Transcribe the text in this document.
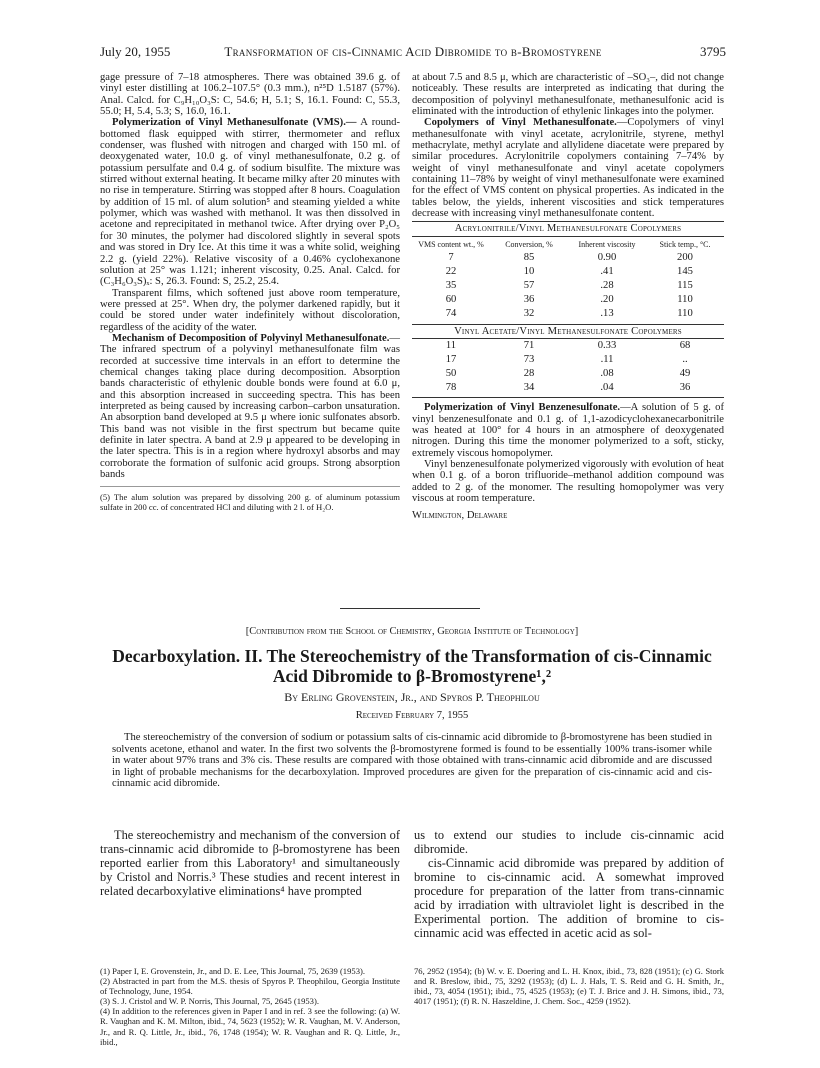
July 20, 1955	Transformation of cis-Cinnamic Acid Dibromide to β-Bromostyrene	3795

gage pressure of 7–18 atmospheres. There was obtained 39.6 g. of vinyl ester distilling at 106.2–107.5° (0.3 mm.), n²⁵D 1.5187 (57%). Anal. Calcd. for C₉H₁₀O₃S: C, 54.6; H, 5.1; S, 16.1. Found: C, 55.3, 55.0; H, 5.4, 5.3; S, 16.0, 16.1.

Polymerization of Vinyl Methanesulfonate (VMS).— A round-bottomed flask equipped with stirrer, thermometer and reflux condenser, was flushed with nitrogen and charged with 150 ml. of deoxygenated water, 10.0 g. of vinyl methanesulfonate, 0.2 g. of potassium persulfate and 0.4 g. of sodium bisulfite. The mixture was stirred without external heating. It became milky after 20 minutes with no rise in temperature. Stirring was stopped after 8 hours. Coagulation by addition of 15 ml. of alum solution⁵ and steaming yielded a white polymer, which was washed with methanol. It was then dissolved in acetone and reprecipitated in methanol twice. After drying over P₂O₅ for 30 minutes, the polymer had discolored slightly in several spots and was stored in Dry Ice. At this time it was a white solid, weighing 2.2 g. (yield 22%). Relative viscosity of a 0.46% cyclohexanone solution at 25° was 1.121; inherent viscosity, 0.25. Anal. Calcd. for (C₃H₆O₃S)ₓ: S, 26.3. Found: S, 25.2, 25.4.

Transparent films, which softened just above room temperature, were pressed at 25°. When dry, the polymer darkened rapidly, but it could be stored under water indefinitely without discoloration, regardless of the acidity of the water.

Mechanism of Decomposition of Polyvinyl Methanesulfonate.—The infrared spectrum of a polyvinyl methanesulfonate film was recorded at successive time intervals in an effort to determine the chemical changes taking place during decomposition. Absorption bands characteristic of ethylenic double bonds were found at 6.0 μ, and this absorption increased in succeeding spectra. This has been interpreted as being caused by increasing carbon–carbon unsaturation. An absorption band developed at 9.5 μ where ionic sulfonates absorb. This band was not visible in the first spectrum but became quite definite in later spectra. A band at 2.9 μ appeared to be developing in the later spectra. This is in a region where hydroxyl absorbs and may corroborate the formation of sulfonic acid groups. Strong absorption bands

(5) The alum solution was prepared by dissolving 200 g. of aluminum potassium sulfate in 200 cc. of concentrated HCl and diluting with 2 l. of H₂O.

at about 7.5 and 8.5 μ, which are characteristic of –SO₃–, did not change noticeably. These results are interpreted as indicating that during the decomposition of polyvinyl methanesulfonate, methanesulfonic acid is eliminated with the introduction of ethylenic linkages into the polymer.

Copolymers of Vinyl Methanesulfonate.—Copolymers of vinyl methanesulfonate with vinyl acetate, acrylonitrile, styrene, methyl methacrylate, methyl acrylate and allylidene diacetate were prepared by similar procedures. Acrylonitrile copolymers containing 7–74% by weight of vinyl methanesulfonate and vinyl acetate copolymers containing 11–78% by weight of vinyl methanesulfonate were examined for the effect of VMS content on physical properties. As indicated in the tables below, the yields, inherent viscosities and stick temperatures decrease with increasing vinyl methanesulfonate content.

Acrylonitrile/Vinyl Methanesulfonate Copolymers
VMS content wt., %	Conversion, %	Inherent viscosity	Stick temp., °C.
7	85	0.90	200
22	10	.41	145
35	57	.28	115
60	36	.20	110
74	32	.13	110
Vinyl Acetate/Vinyl Methanesulfonate Copolymers
11	71	0.33	68
17	73	.11	..
50	28	.08	49
78	34	.04	36

Polymerization of Vinyl Benzenesulfonate.—A solution of 5 g. of vinyl benzenesulfonate and 0.1 g. of 1,1-azodicyclohexanecarbonitrile was heated at 100° for 4 hours in an atmosphere of deoxygenated nitrogen. During this time the monomer polymerized to a soft, sticky, extremely viscous homopolymer.

Vinyl benzenesulfonate polymerized vigorously with evolution of heat when 0.1 g. of a boron trifluoride–methanol addition compound was added to 2 g. of the monomer. The resulting homopolymer was very viscous at room temperature.

Wilmington, Delaware
[Contribution from the School of Chemistry, Georgia Institute of Technology]
Decarboxylation. II. The Stereochemistry of the Transformation of cis-Cinnamic Acid Dibromide to β-Bromostyrene¹,²
By Erling Grovenstein, Jr., and Spyros P. Theophilou
Received February 7, 1955

The stereochemistry of the conversion of sodium or potassium salts of cis-cinnamic acid dibromide to β-bromostyrene has been studied in solvents acetone, ethanol and water. In the first two solvents the β-bromostyrene formed is found to be essentially 100% trans-isomer while in water about 97% trans and 3% cis. These results are compared with those obtained with trans-cinnamic acid dibromide and are discussed in light of probable mechanisms for the decarboxylation. Improved procedures are given for the preparation of cis-cinnamic acid and cis-cinnamic acid dibromide.

The stereochemistry and mechanism of the conversion of trans-cinnamic acid dibromide to β-bromostyrene has been reported earlier from this Laboratory¹ and simultaneously by Cristol and Norris.³ These studies and recent interest in related decarboxylative eliminations⁴ have prompted

us to extend our studies to include cis-cinnamic acid dibromide.

cis-Cinnamic acid dibromide was prepared by addition of bromine to cis-cinnamic acid. A somewhat improved procedure for preparation of the latter from trans-cinnamic acid by irradiation with ultraviolet light is described in the Experimental portion. The addition of bromine to cis-cinnamic acid was effected in acetic acid as sol-

(1) Paper I, E. Grovenstein, Jr., and D. E. Lee, This Journal, 75, 2639 (1953).

(2) Abstracted in part from the M.S. thesis of Spyros P. Theophilou, Georgia Institute of Technology, June, 1954.

(3) S. J. Cristol and W. P. Norris, This Journal, 75, 2645 (1953).

(4) In addition to the references given in Paper I and in ref. 3 see the following: (a) W. R. Vaughan and K. M. Milton, ibid., 74, 5623 (1952); W. R. Vaughan, M. V. Anderson, Jr., and R. Q. Little, Jr., ibid., 76, 1748 (1954); W. R. Vaughan and R. Q. Little, Jr., ibid.,

76, 2952 (1954); (b) W. v. E. Doering and L. H. Knox, ibid., 73, 828 (1951); (c) G. Stork and R. Breslow, ibid., 75, 3292 (1953); (d) L. J. Hals, T. S. Reid and G. H. Smith, Jr., ibid., 73, 4054 (1951); ibid., 75, 4525 (1953); (e) T. J. Brice and J. H. Simons, ibid., 73, 4017 (1951); (f) R. N. Haszeldine, J. Chem. Soc., 4259 (1952).
